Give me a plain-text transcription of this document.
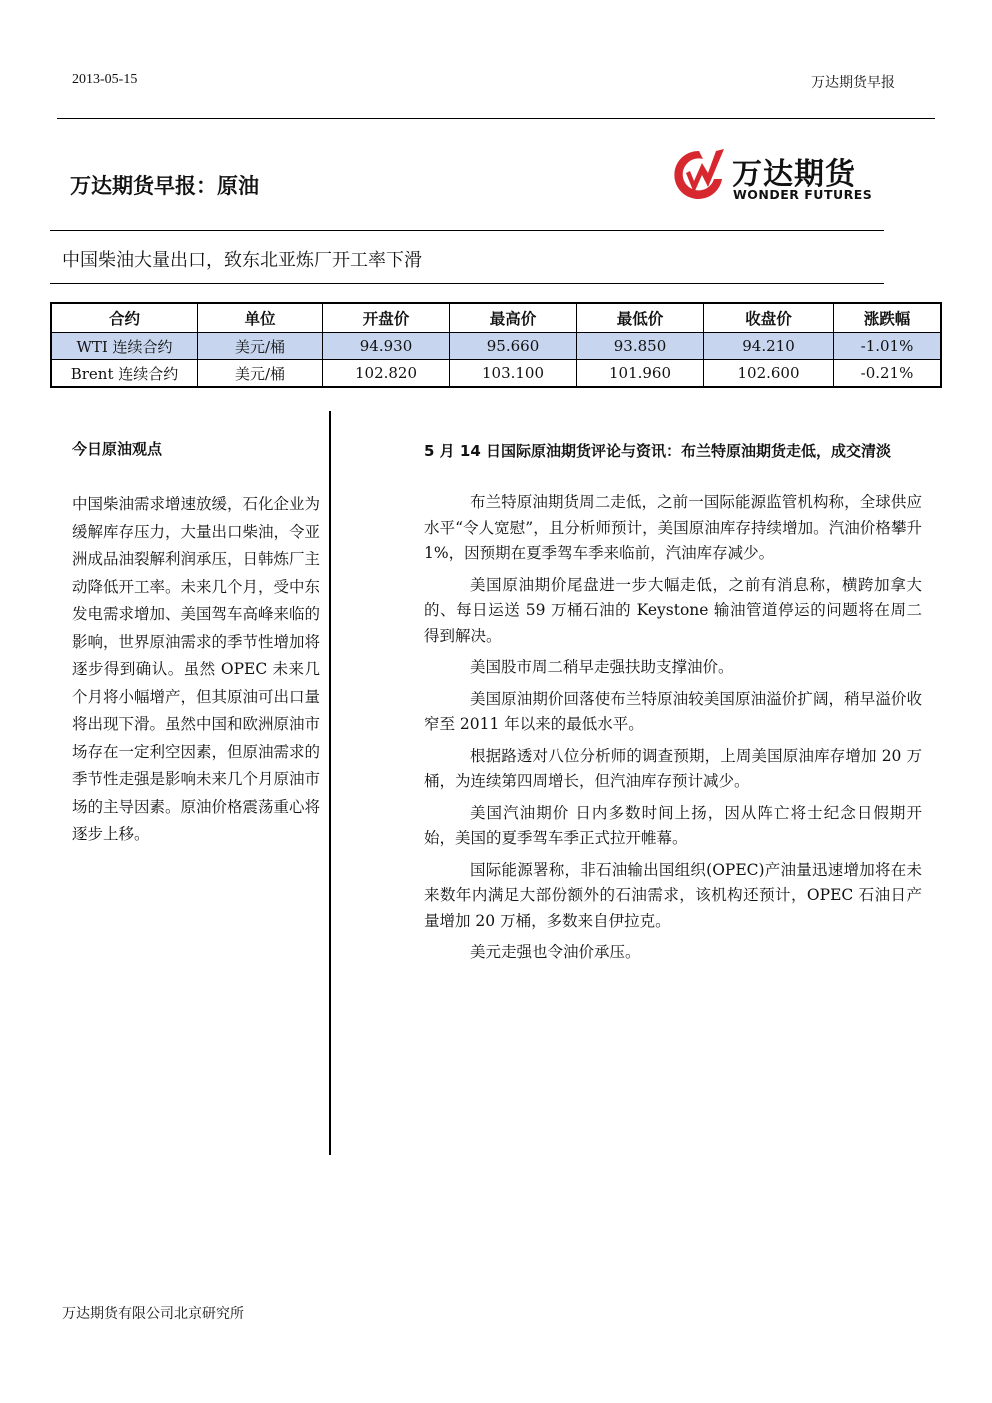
2013-05-15	万达期货早报
万达期货早报：原油	万达期货
WONDER FUTURES
中国柴油大量出口，致东北亚炼厂开工率下滑
合约	单位	开盘价	最高价	最低价	收盘价	涨跌幅
WTI 连续合约	美元/桶	94.930	95.660	93.850	94.210	-1.01%
Brent 连续合约	美元/桶	102.820	103.100	101.960	102.600	-0.21%

今日原油观点

中国柴油需求增速放缓，石化企业为缓解库存压力，大量出口柴油，令亚洲成品油裂解利润承压，日韩炼厂主动降低开工率。未来几个月，受中东发电需求增加、美国驾车高峰来临的影响，世界原油需求的季节性增加将逐步得到确认。虽然 OPEC 未来几个月将小幅增产，但其原油可出口量将出现下滑。虽然中国和欧洲原油市场存在一定利空因素，但原油需求的季节性走强是影响未来几个月原油市场的主导因素。原油价格震荡重心将逐步上移。

5 月 14 日国际原油期货评论与资讯：布兰特原油期货走低，成交清淡

布兰特原油期货周二走低，之前一国际能源监管机构称，全球供应水平“令人宽慰”，且分析师预计，美国原油库存持续增加。汽油价格攀升 1%，因预期在夏季驾车季来临前，汽油库存减少。

美国原油期价尾盘进一步大幅走低，之前有消息称，横跨加拿大的、每日运送 59 万桶石油的 Keystone 输油管道停运的问题将在周二得到解决。

美国股市周二稍早走强扶助支撑油价。

美国原油期价回落使布兰特原油较美国原油溢价扩阔，稍早溢价收窄至 2011 年以来的最低水平。

根据路透对八位分析师的调查预期，上周美国原油库存增加 20 万桶，为连续第四周增长，但汽油库存预计减少。

美国汽油期价 日内多数时间上扬，因从阵亡将士纪念日假期开始，美国的夏季驾车季正式拉开帷幕。

国际能源署称，非石油输出国组织(OPEC)产油量迅速增加将在未来数年内满足大部份额外的石油需求，该机构还预计，OPEC 石油日产量增加 20 万桶，多数来自伊拉克。

美元走强也令油价承压。

万达期货有限公司北京研究所
